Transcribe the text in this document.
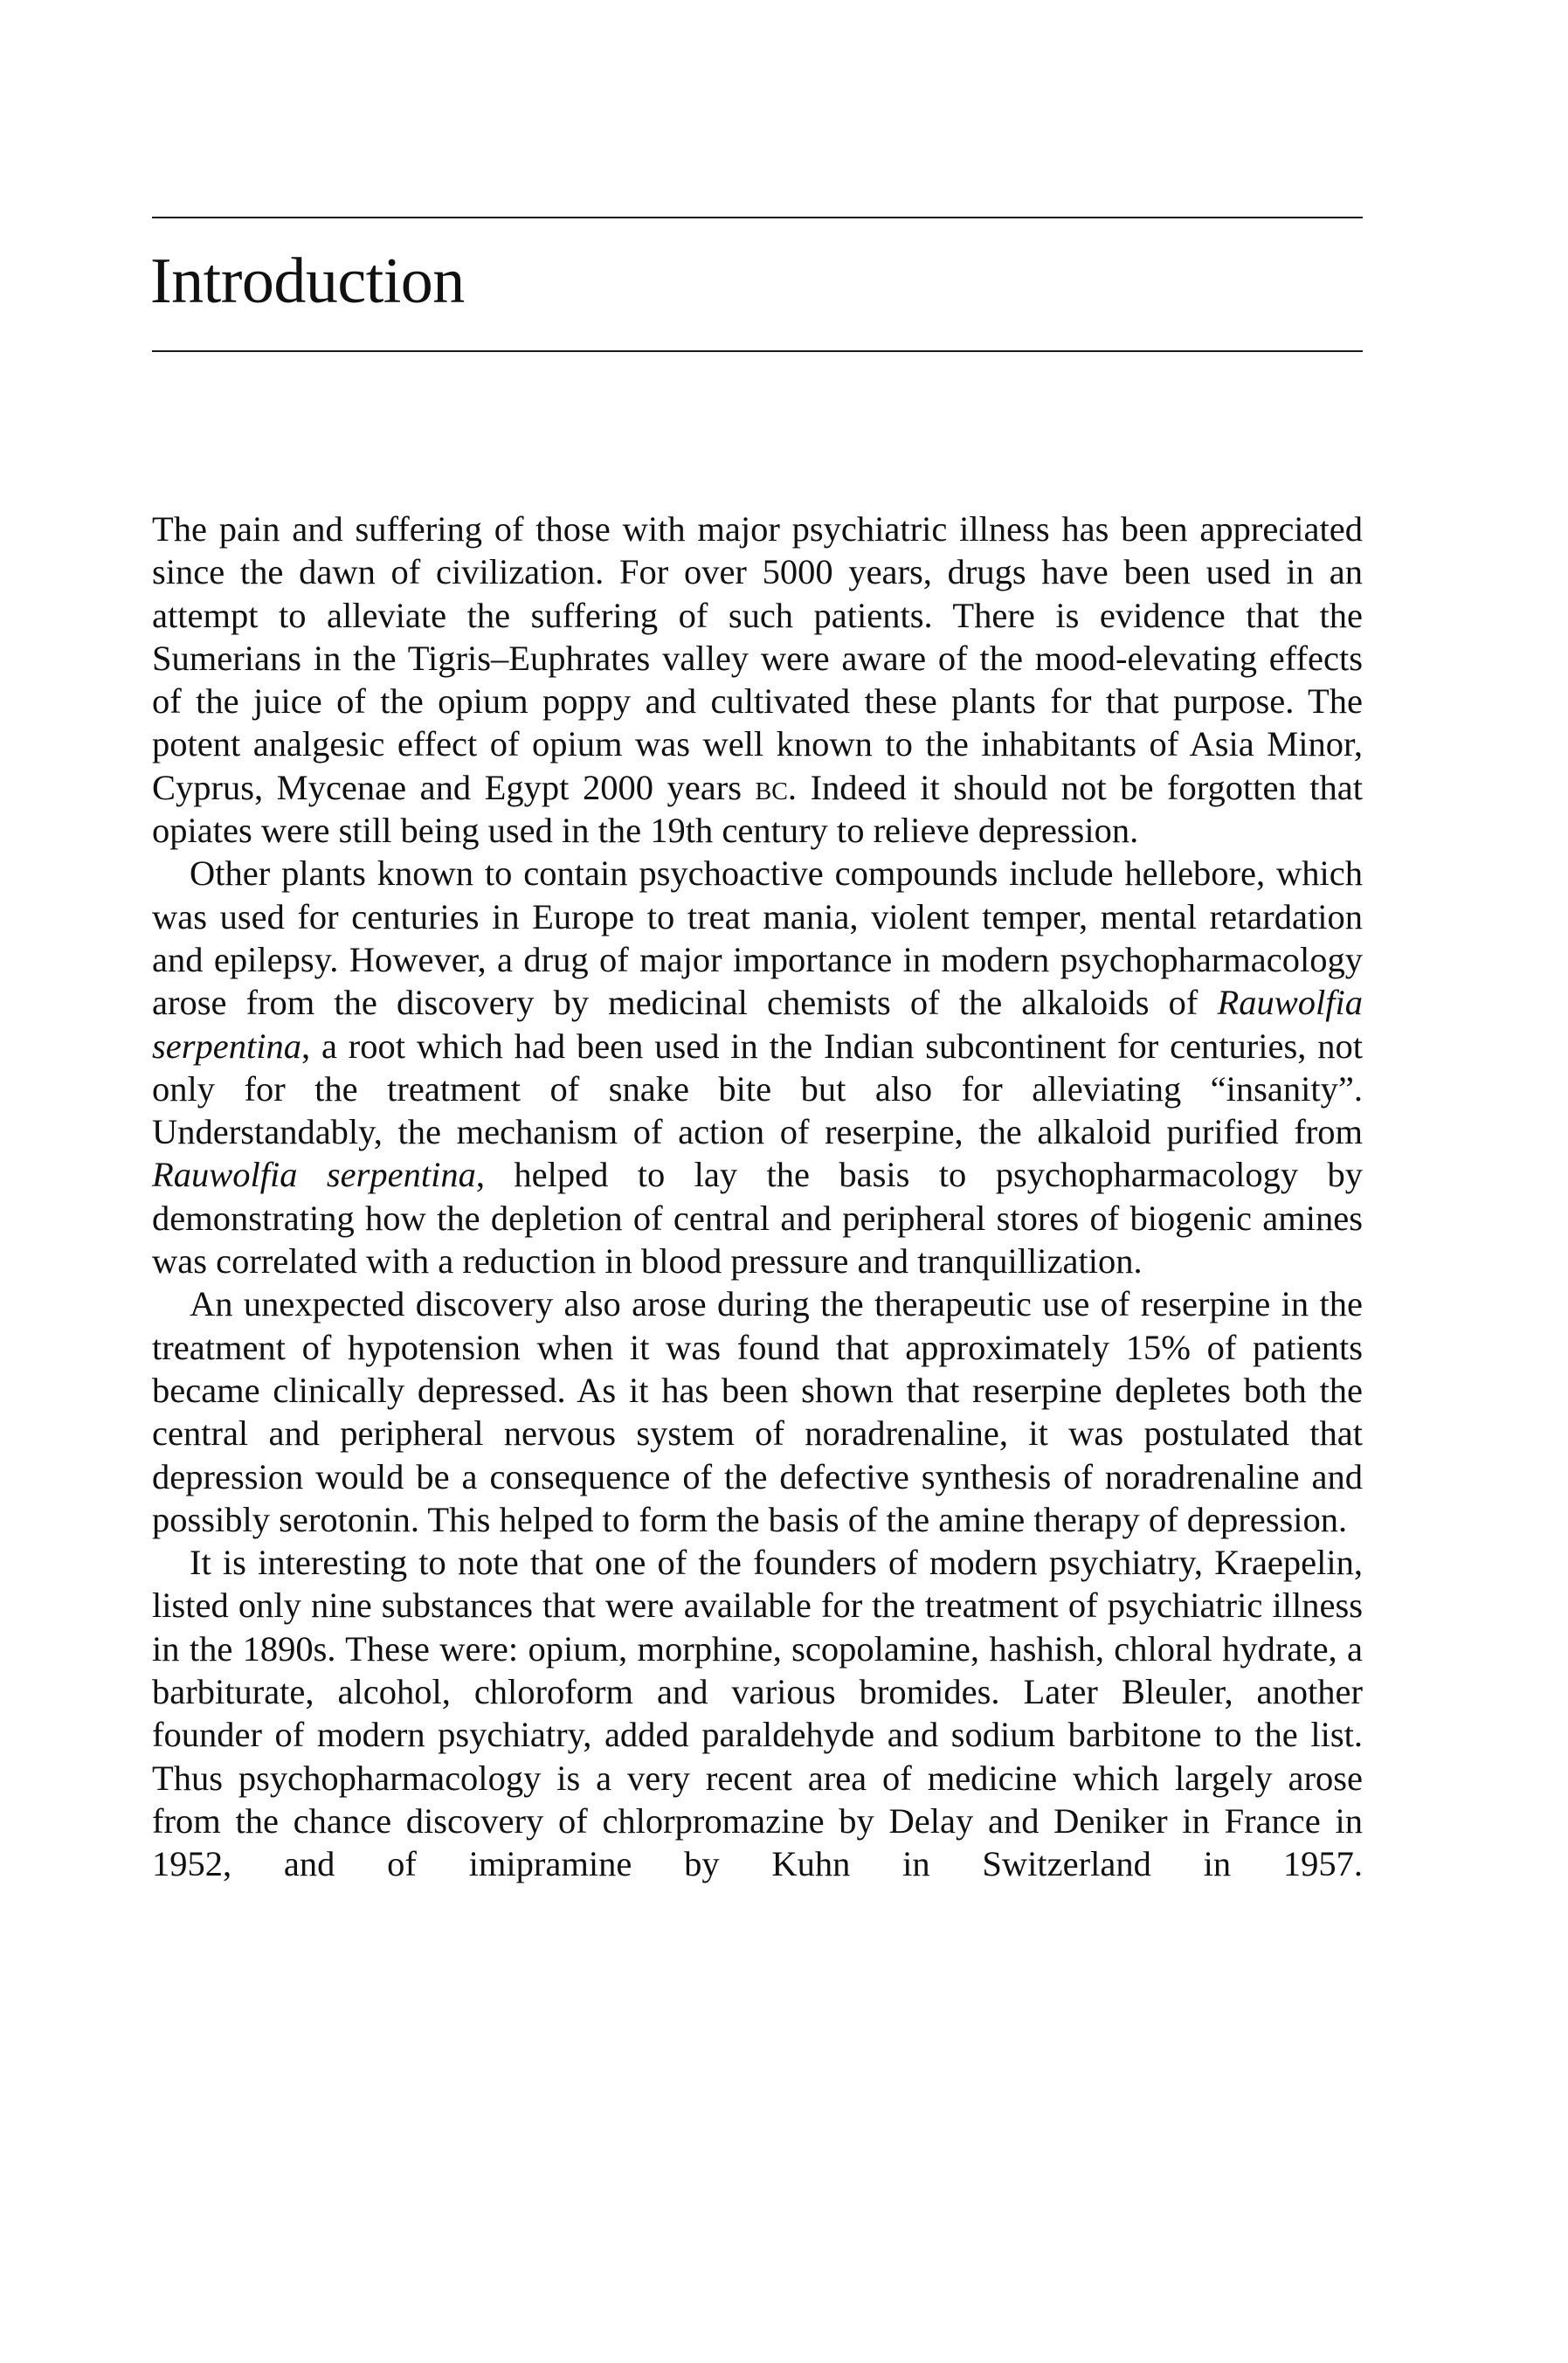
Introduction

The pain and suffering of those with major psychiatric illness has been appreciated since the dawn of civilization. For over 5000 years, drugs have been used in an attempt to alleviate the suffering of such patients. There is evidence that the Sumerians in the Tigris–Euphrates valley were aware of the mood-elevating effects of the juice of the opium poppy and cultivated these plants for that purpose. The potent analgesic effect of opium was well known to the inhabitants of Asia Minor, Cyprus, Mycenae and Egypt 2000 years bc. Indeed it should not be forgotten that opiates were still being used in the 19th century to relieve depression.

Other plants known to contain psychoactive compounds include hellebore, which was used for centuries in Europe to treat mania, violent temper, mental retardation and epilepsy. However, a drug of major importance in modern psychopharmacology arose from the discovery by medicinal chemists of the alkaloids of Rauwolfia serpentina, a root which had been used in the Indian subcontinent for centuries, not only for the treatment of snake bite but also for alleviating “insanity”. Understandably, the mechanism of action of reserpine, the alkaloid purified from Rauwolfia serpentina, helped to lay the basis to psychopharmacology by demonstrating how the depletion of central and peripheral stores of biogenic amines was correlated with a reduction in blood pressure and tranquillization.

An unexpected discovery also arose during the therapeutic use of reserpine in the treatment of hypotension when it was found that approximately 15% of patients became clinically depressed. As it has been shown that reserpine depletes both the central and peripheral nervous system of noradrenaline, it was postulated that depression would be a consequence of the defective synthesis of noradrenaline and possibly serotonin. This helped to form the basis of the amine therapy of depression.

It is interesting to note that one of the founders of modern psychiatry, Kraepelin, listed only nine substances that were available for the treatment of psychiatric illness in the 1890s. These were: opium, morphine, scopolamine, hashish, chloral hydrate, a barbiturate, alcohol, chloroform and various bromides. Later Bleuler, another founder of modern psychiatry, added paraldehyde and sodium barbitone to the list. Thus psychopharmacology is a very recent area of medicine which largely arose from the chance discovery of chlorpromazine by Delay and Deniker in France in 1952, and of imipramine by Kuhn in Switzerland in 1957.
